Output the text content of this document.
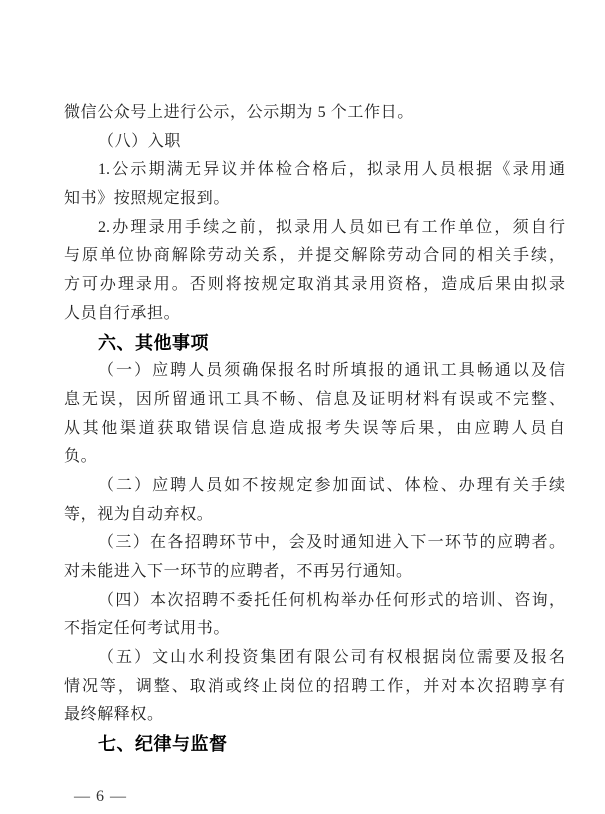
微信公众号上进行公示，公示期为 5 个工作日。
（八）入职
1.公示期满无异议并体检合格后，拟录用人员根据《录用通
知书》按照规定报到。
2.办理录用手续之前，拟录用人员如已有工作单位，须自行
与原单位协商解除劳动关系，并提交解除劳动合同的相关手续，
方可办理录用。否则将按规定取消其录用资格，造成后果由拟录
人员自行承担。
六、其他事项
（一）应聘人员须确保报名时所填报的通讯工具畅通以及信
息无误，因所留通讯工具不畅、信息及证明材料有误或不完整、
从其他渠道获取错误信息造成报考失误等后果，由应聘人员自
负。
（二）应聘人员如不按规定参加面试、体检、办理有关手续
等，视为自动弃权。
（三）在各招聘环节中，会及时通知进入下一环节的应聘者。
对未能进入下一环节的应聘者，不再另行通知。
（四）本次招聘不委托任何机构举办任何形式的培训、咨询，
不指定任何考试用书。
（五）文山水利投资集团有限公司有权根据岗位需要及报名
情况等，调整、取消或终止岗位的招聘工作，并对本次招聘享有
最终解释权。
七、纪律与监督
— 6 —
